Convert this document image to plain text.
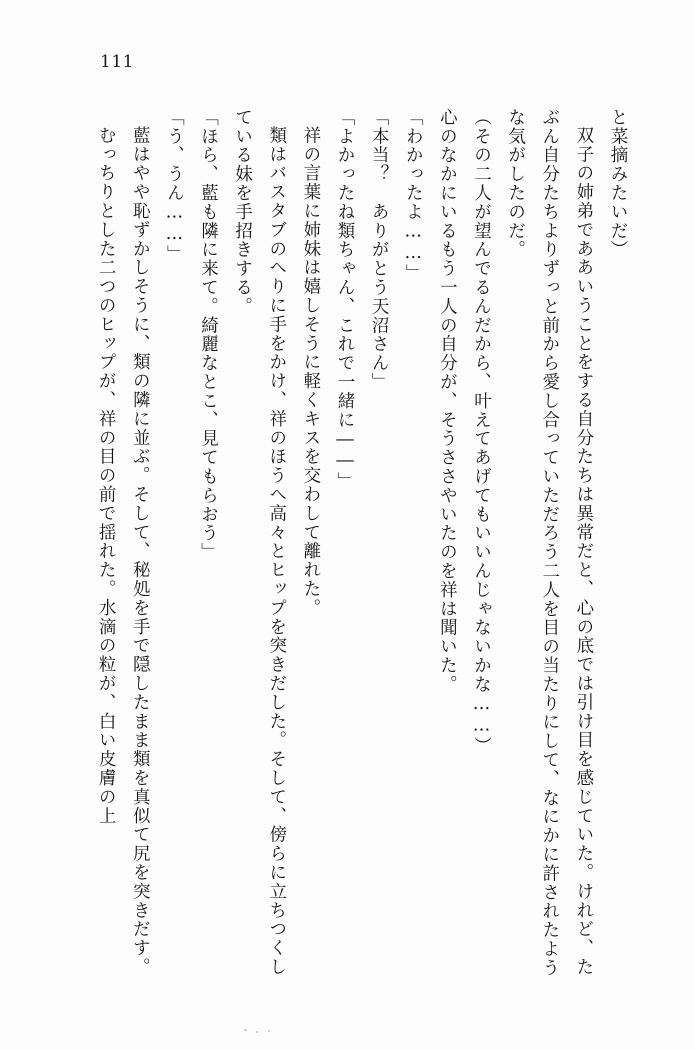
111

と菜摘みたいだ）

双子の姉弟でああいうことをする自分たちは異常だと、心の底では引け目を感じていた。けれど、たぶん自分たちよりずっと前から愛し合っていただろう二人を目の当たりにして、なにかに許されたような気がしたのだ。

（その二人が望んでるんだから、叶えてあげてもいいんじゃないかな……）

心のなかにいるもう一人の自分が、そうささやいたのを祥は聞いた。

「わかったよ……」

「本当？　ありがとう天沼さん」

「よかったね類ちゃん、これで一緒に――」

祥の言葉に姉妹は嬉しそうに軽くキスを交わして離れた。

類はバスタブのへりに手をかけ、祥のほうへ高々とヒップを突きだした。そして、傍らに立ちつくしている妹を手招きする。

「ほら、藍も隣に来て。綺麗なとこ、見てもらおう」

「う、うん……」

藍はやや恥ずかしそうに、類の隣に並ぶ。そして、秘処を手で隠したまま類を真似て尻を突きだす。

むっちりとした二つのヒップが、祥の目の前で揺れた。水滴の粒が、白い皮膚の上
